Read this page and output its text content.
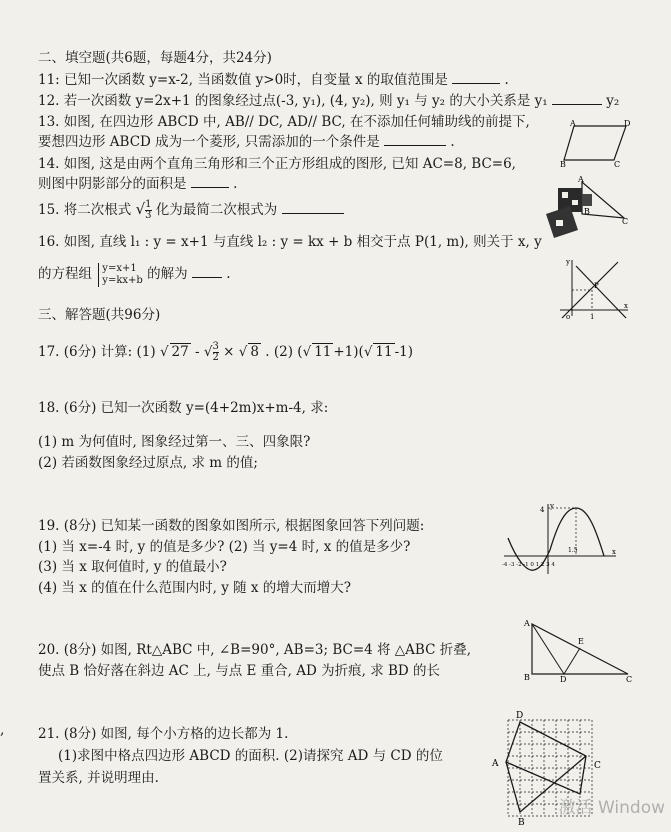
二、填空题(共6题，每题4分，共24分)
11: 已知一次函数 y=x-2, 当函数值 y>0时，自变量 x 的取值范围是	.
12. 若一次函数 y=2x+1 的图象经过点(-3, y₁), (4, y₂), 则 y₁ 与 y₂ 的大小关系是 y₁	y₂
13. 如图, 在四边形 ABCD 中, AB// DC, AD// BC, 在不添加任何辅助线的前提下,
要想四边形 ABCD 成为一个菱形, 只需添加的一个条件是	.
A	D
B	C
14. 如图, 这是由两个直角三角形和三个正方形组成的图形, 已知 AC=8, BC=6,
则图中阴影部分的面积是	.	A
B
C
15. 将二次根式 √ $\frac{1}{3}$ 化为最简二次根式为
16. 如图, 直线 l₁ : y = x+1 与直线 l₂ : y = kx + b 相交于点 P(1, m), 则关于 x, y
的方程组 y=x+1
y=kx+b 的解为	.
y
x
o	1
P
三、解答题(共96分)
17. (6分) 计算: (1) √ 27 - √ $\frac{3}{2}$ × √ 8 . (2) (√ 11 +1)(√ 11 -1)
18. (6分) 已知一次函数 y=(4+2m)x+m-4, 求:
(1) m 为何值时, 图象经过第一、三、四象限?
(2) 若函数图象经过原点, 求 m 的值;
19. (8分) 已知某一函数的图象如图所示, 根据图象回答下列问题:
(1) 当 x=-4 时, y 的值是多少? (2) 当 y=4 时, x 的值是多少?
(3) 当 x 取何值时, y 的值最小?
(4) 当 x 的值在什么范围内时, y 随 x 的增大而增大?
y
4
x
1.5
-4 -3 -2 -1 0 1 2 3 4
20. (8分) 如图, Rt△ABC 中, ∠B=90°, AB=3; BC=4 将 △ABC 折叠,
使点 B 恰好落在斜边 AC 上, 与点 E 重合, AD 为折痕, 求 BD 的长
A
E
B	D	C
, 21. (8分) 如图, 每个小方格的边长都为 1.
(1)求图中格点四边形 ABCD 的面积. (2)请探究 AD 与 CD 的位
置关系, 并说明理由.
D
A	C
B
激活 Window
